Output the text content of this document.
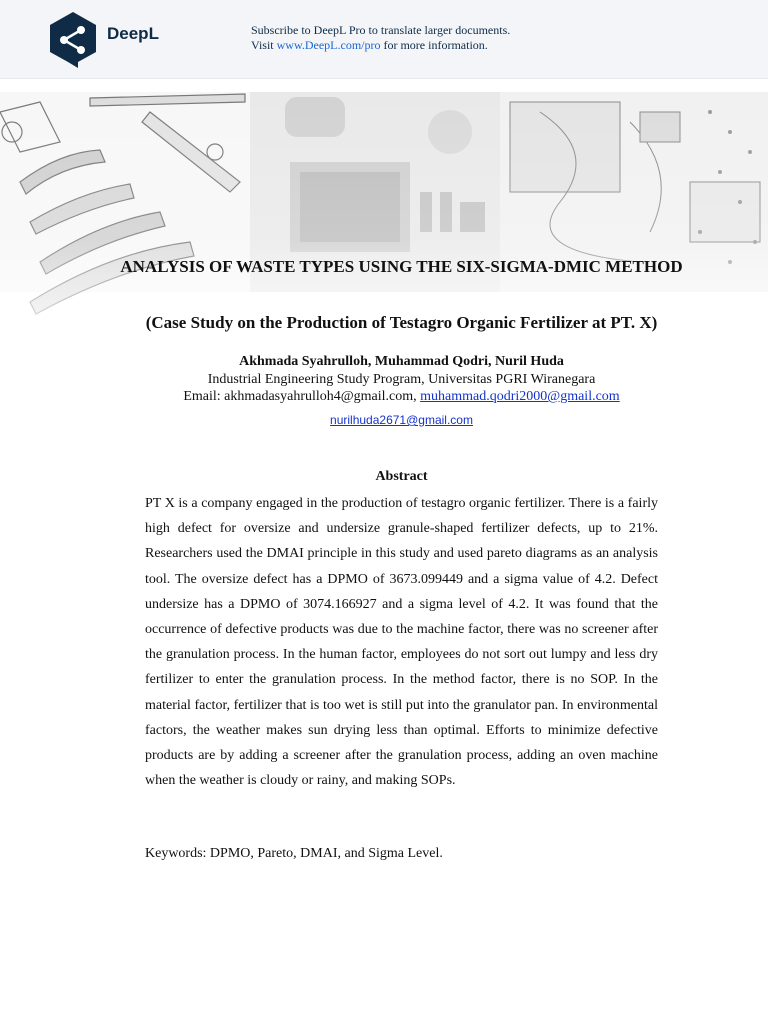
DeepL	Subscribe to DeepL Pro to translate larger documents.
Visit www.DeepL.com/pro for more information.
ANALYSIS OF WASTE TYPES USING THE SIX-SIGMA-DMIC METHOD
(Case Study on the Production of Testagro Organic Fertilizer at PT. X)
Akhmada Syahrulloh, Muhammad Qodri, Nuril Huda
Industrial Engineering Study Program, Universitas PGRI Wiranegara
Email: akhmadasyahrulloh4@gmail.com, muhammad.qodri2000@gmail.com
nurilhuda2671@gmail.com
Abstract

PT X is a company engaged in the production of testagro organic fertilizer. There is a fairly high defect for oversize and undersize granule-shaped fertilizer defects, up to 21%. Researchers used the DMAI principle in this study and used pareto diagrams as an analysis tool. The oversize defect has a DPMO of 3673.099449 and a sigma value of 4.2. Defect undersize has a DPMO of 3074.166927 and a sigma level of 4.2. It was found that the occurrence of defective products was due to the machine factor, there was no screener after the granulation process. In the human factor, employees do not sort out lumpy and less dry fertilizer to enter the granulation process. In the method factor, there is no SOP. In the material factor, fertilizer that is too wet is still put into the granulator pan. In environmental factors, the weather makes sun drying less than optimal. Efforts to minimize defective products are by adding a screener after the granulation process, adding an oven machine when the weather is cloudy or rainy, and making SOPs.

Keywords: DPMO, Pareto, DMAI, and Sigma Level.
